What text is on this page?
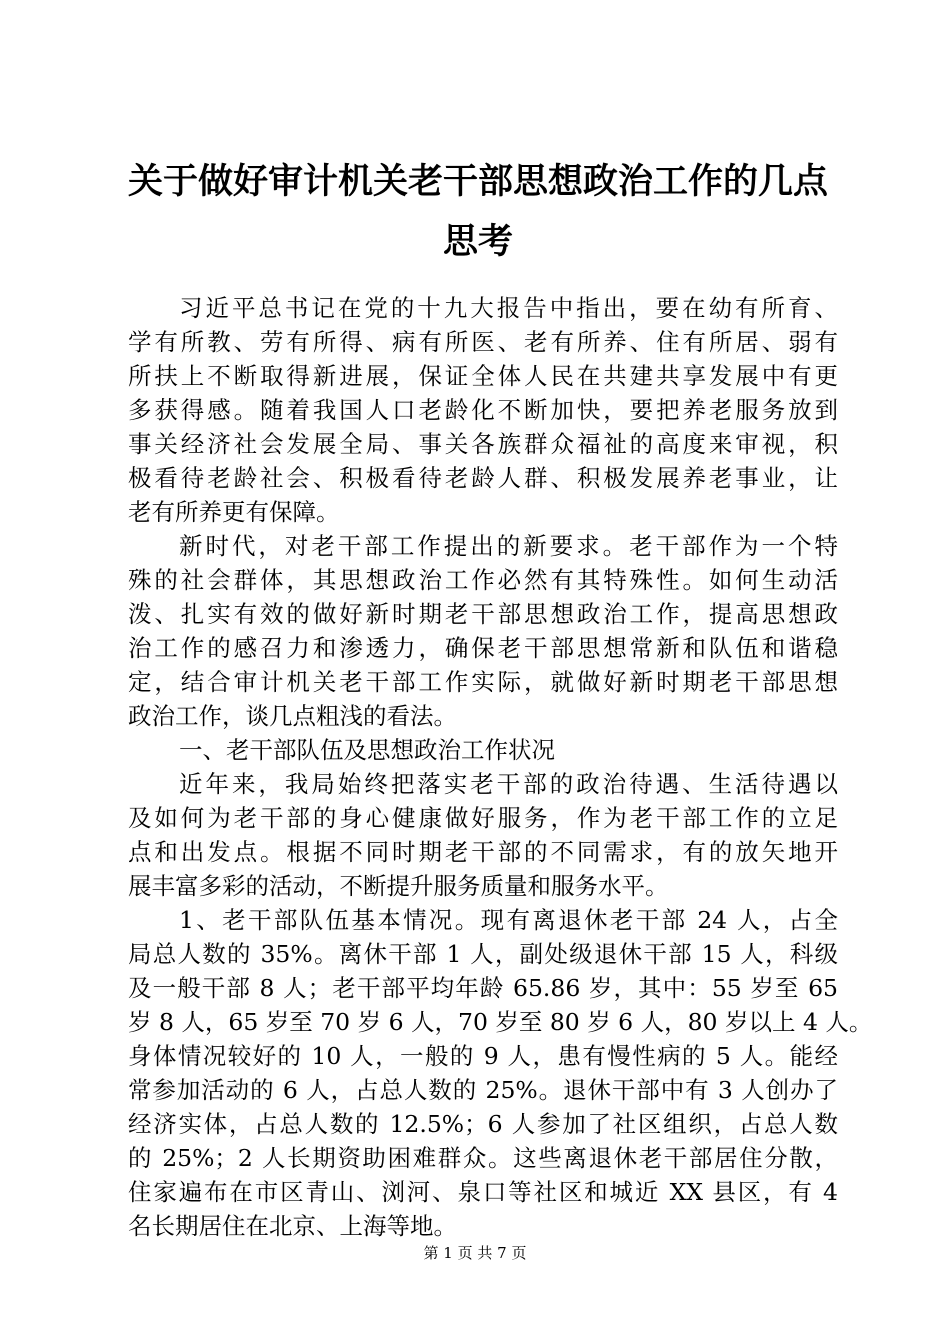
关于做好审计机关老干部思想政治工作的几点
思考

习近平总书记在党的十九大报告中指出，要在幼有所育、

学有所教、劳有所得、病有所医、老有所养、住有所居、弱有

所扶上不断取得新进展，保证全体人民在共建共享发展中有更

多获得感。随着我国人口老龄化不断加快，要把养老服务放到

事关经济社会发展全局、事关各族群众福祉的高度来审视，积

极看待老龄社会、积极看待老龄人群、积极发展养老事业，让

老有所养更有保障。

新时代，对老干部工作提出的新要求。老干部作为一个特

殊的社会群体，其思想政治工作必然有其特殊性。如何生动活

泼、扎实有效的做好新时期老干部思想政治工作，提高思想政

治工作的感召力和渗透力，确保老干部思想常新和队伍和谐稳

定，结合审计机关老干部工作实际，就做好新时期老干部思想

政治工作，谈几点粗浅的看法。

一、老干部队伍及思想政治工作状况

近年来，我局始终把落实老干部的政治待遇、生活待遇以

及如何为老干部的身心健康做好服务，作为老干部工作的立足

点和出发点。根据不同时期老干部的不同需求，有的放矢地开

展丰富多彩的活动，不断提升服务质量和服务水平。

1、老干部队伍基本情况。现有离退休老干部 24 人，占全

局总人数的 35%。离休干部 1 人，副处级退休干部 15 人，科级

及一般干部 8 人；老干部平均年龄 65.86 岁，其中：55 岁至 65

岁 8 人，65 岁至 70 岁 6 人，70 岁至 80 岁 6 人，80 岁以上 4 人。

身体情况较好的 10 人，一般的 9 人，患有慢性病的 5 人。能经

常参加活动的 6 人，占总人数的 25%。退休干部中有 3 人创办了

经济实体，占总人数的 12.5%；6 人参加了社区组织，占总人数

的 25%；2 人长期资助困难群众。这些离退休老干部居住分散，

住家遍布在市区青山、浏河、泉口等社区和城近 XX 县区，有 4

名长期居住在北京、上海等地。

第 1 页 共 7 页
